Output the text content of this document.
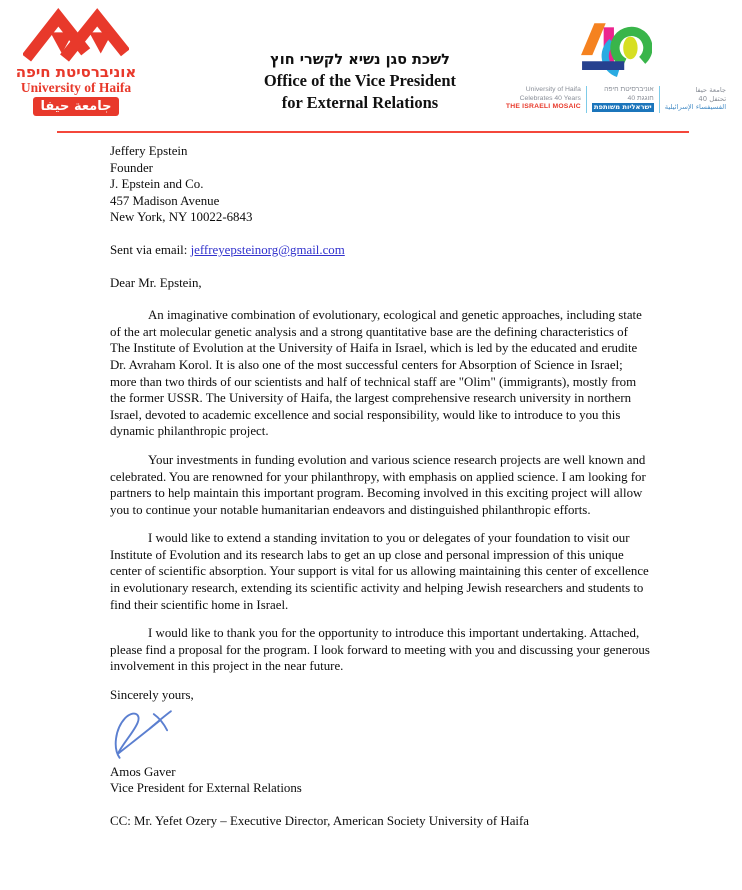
אוניברסיטת חיפה
University of Haifa
جامعة حيفا
לשכת סגן נשיא לקשרי חוץ
Office of the Vice President
for External Relations
University of Haifa
Celebrates 40 Years
THE ISRAELI MOSAIC
אוניברסיטת חיפה
חוגגת 40
ישראליות משותפת
جامعة حيفا
تحتفل 40
الفسيفساء الإسرائيلية
Jeffery Epstein
Founder
J. Epstein and Co.
457 Madison Avenue
New York, NY 10022-6843
Sent via email: jeffreyepsteinorg@gmail.com
Dear Mr. Epstein,

An imaginative combination of evolutionary, ecological and genetic approaches, including state of the art molecular genetic analysis and a strong quantitative base are the defining characteristics of The Institute of Evolution at the University of Haifa in Israel, which is led by the educated and erudite Dr. Avraham Korol. It is also one of the most successful centers for Absorption of Science in Israel; more than two thirds of our scientists and half of technical staff are "Olim" (immigrants), mostly from the former USSR. The University of Haifa, the largest comprehensive research university in northern Israel, devoted to academic excellence and social responsibility, would like to introduce to you this dynamic philanthropic project.

Your investments in funding evolution and various science research projects are well known and celebrated. You are renowned for your philanthropy, with emphasis on applied science. I am looking for partners to help maintain this important program. Becoming involved in this exciting project will allow you to continue your notable humanitarian endeavors and distinguished philanthropic efforts.

I would like to extend a standing invitation to you or delegates of your foundation to visit our Institute of Evolution and its research labs to get an up close and personal impression of this unique center of scientific absorption. Your support is vital for us allowing maintaining this center of excellence in evolutionary research, extending its scientific activity and helping Jewish researchers and students to find their scientific home in Israel.

I would like to thank you for the opportunity to introduce this important undertaking. Attached, please find a proposal for the program. I look forward to meeting with you and discussing your generous involvement in this project in the near future.

Sincerely yours,
Amos Gaver
Vice President for External Relations
CC: Mr. Yefet Ozery – Executive Director, American Society University of Haifa
